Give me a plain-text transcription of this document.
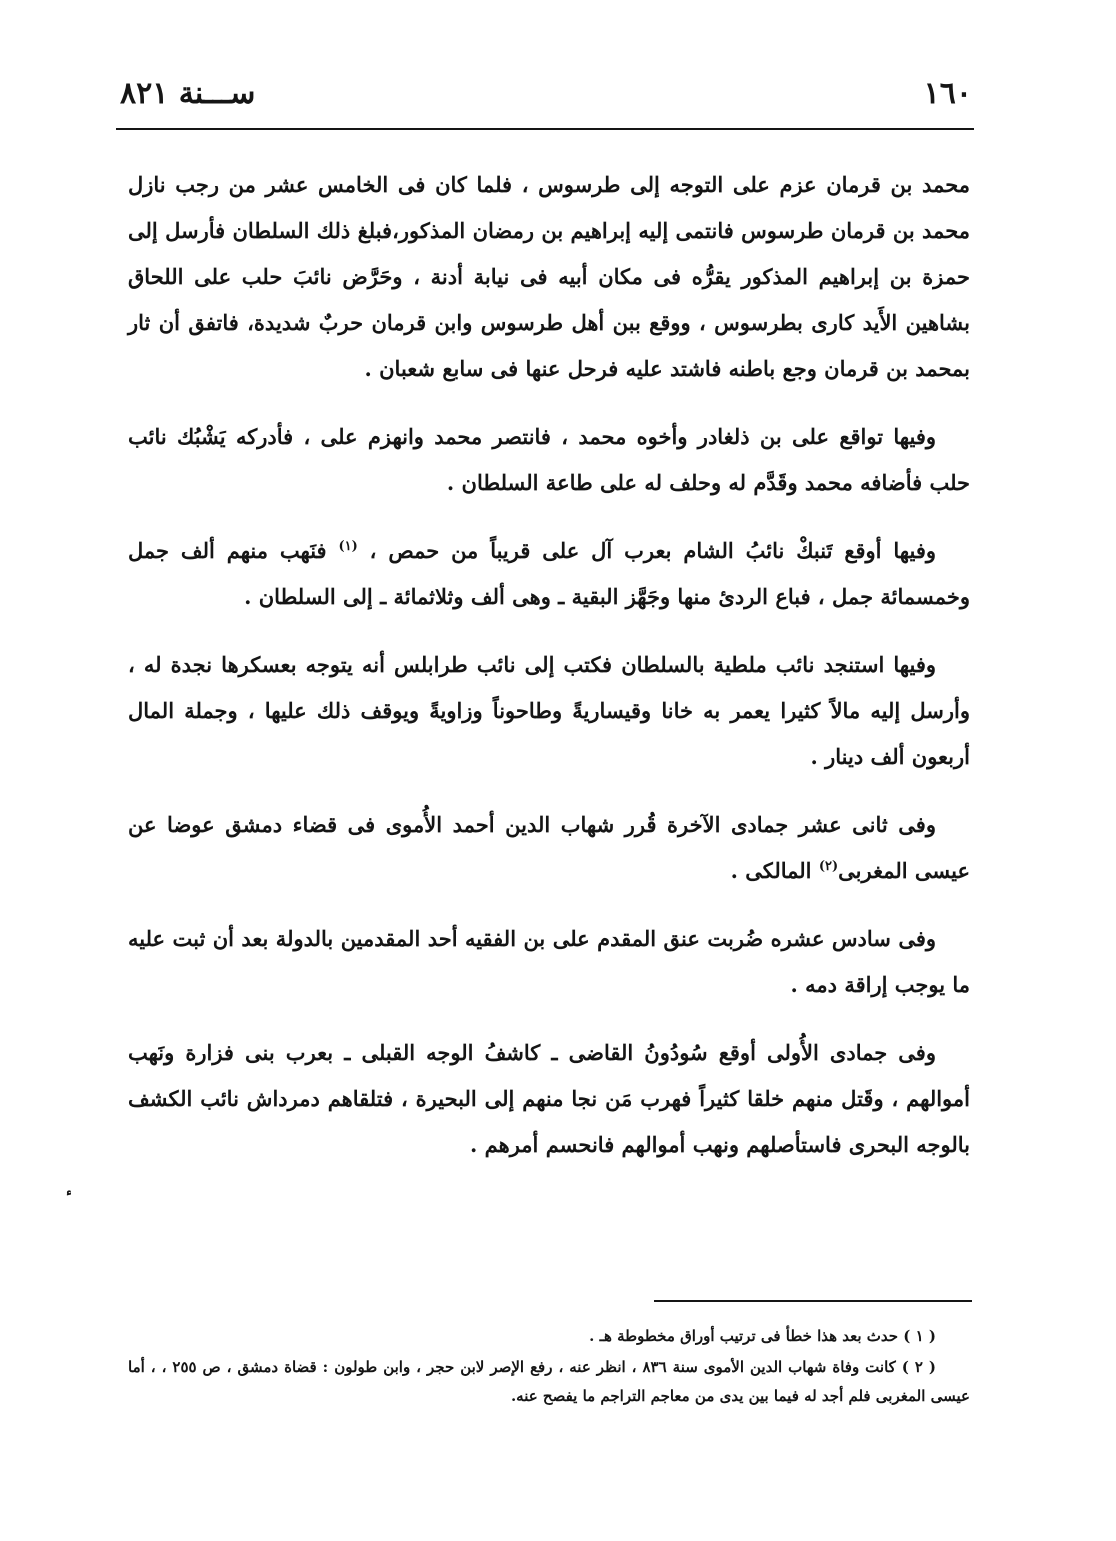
١٦٠
ســـنة ٨٢١

محمد بن قرمان عزم على التوجه إلى طرسوس ، فلما كان فى الخامس عشر من رجب نازل محمد بن قرمان طرسوس فانتمى إليه إبراهيم بن رمضان المذكور،فبلغ ذلك السلطان فأرسل إلى حمزة بن إبراهيم المذكور يقرُّه فى مكان أبيه فى نيابة أدنة ، وحَرَّض نائبَ حلب على اللحاق بشاهين الأَيد كارى بطرسوس ، ووقع ببن أهل طرسوس وابن قرمان حربٌ شديدة، فاتفق أن ثار بمحمد بن قرمان وجع باطنه فاشتد عليه فرحل عنها فى سابع شعبان .

وفيها تواقع على بن ذلغادر وأخوه محمد ، فانتصر محمد وانهزم على ، فأدركه يَشْبُك نائب حلب فأضافه محمد وقَدَّم له وحلف له على طاعة السلطان .

وفيها أوقع تَنبكْ نائبُ الشام بعرب آل على قريباً من حمص ، $^{(١)}$ فنَهب منهم ألف جمل وخمسمائة جمل ، فباع الردئ منها وجَهَّز البقية ـ وهى ألف وثلاثمائة ـ إلى السلطان .

وفيها استنجد نائب ملطية بالسلطان فكتب إلى نائب طرابلس أنه يتوجه بعسكرها نجدة له ، وأرسل إليه مالاً كثيرا يعمر به خانا وقيساريةً وطاحوناً وزاويةً ويوقف ذلك عليها ، وجملة المال أربعون ألف دينار .

وفى ثانى عشر جمادى الآخرة قُرر شهاب الدين أحمد الأُموى فى قضاء دمشق عوضا عن عيسى المغربى$^{(٢)}$ المالكى .

وفى سادس عشره ضُربت عنق المقدم على بن الفقيه أحد المقدمين بالدولة بعد أن ثبت عليه ما يوجب إراقة دمه .

وفى جمادى الأُولى أوقع سُودُونُ القاضى ـ كاشفُ الوجه القبلى ـ بعرب بنى فزارة ونَهب أموالهم ، وقَتل منهم خلقا كثيراً فهرب مَن نجا منهم إلى البحيرة ، فتلقاهم دمرداش نائب الكشف بالوجه البحرى فاستأصلهم ونهب أموالهم فانحسم أمرهم .

( ١ ) حدث بعد هذا خطأ فى ترتيب أوراق مخطوطة هـ .

( ٢ ) كانت وفاة شهاب الدين الأموى سنة ٨٣٦ ، انظر عنه ، رفع الإصر لابن حجر ، وابن طولون : قضاة دمشق ، ص ٢٥٥ ، ، أما عيسى المغربى فلم أجد له فيما بين يدى من معاجم التراجم ما يفصح عنه.
